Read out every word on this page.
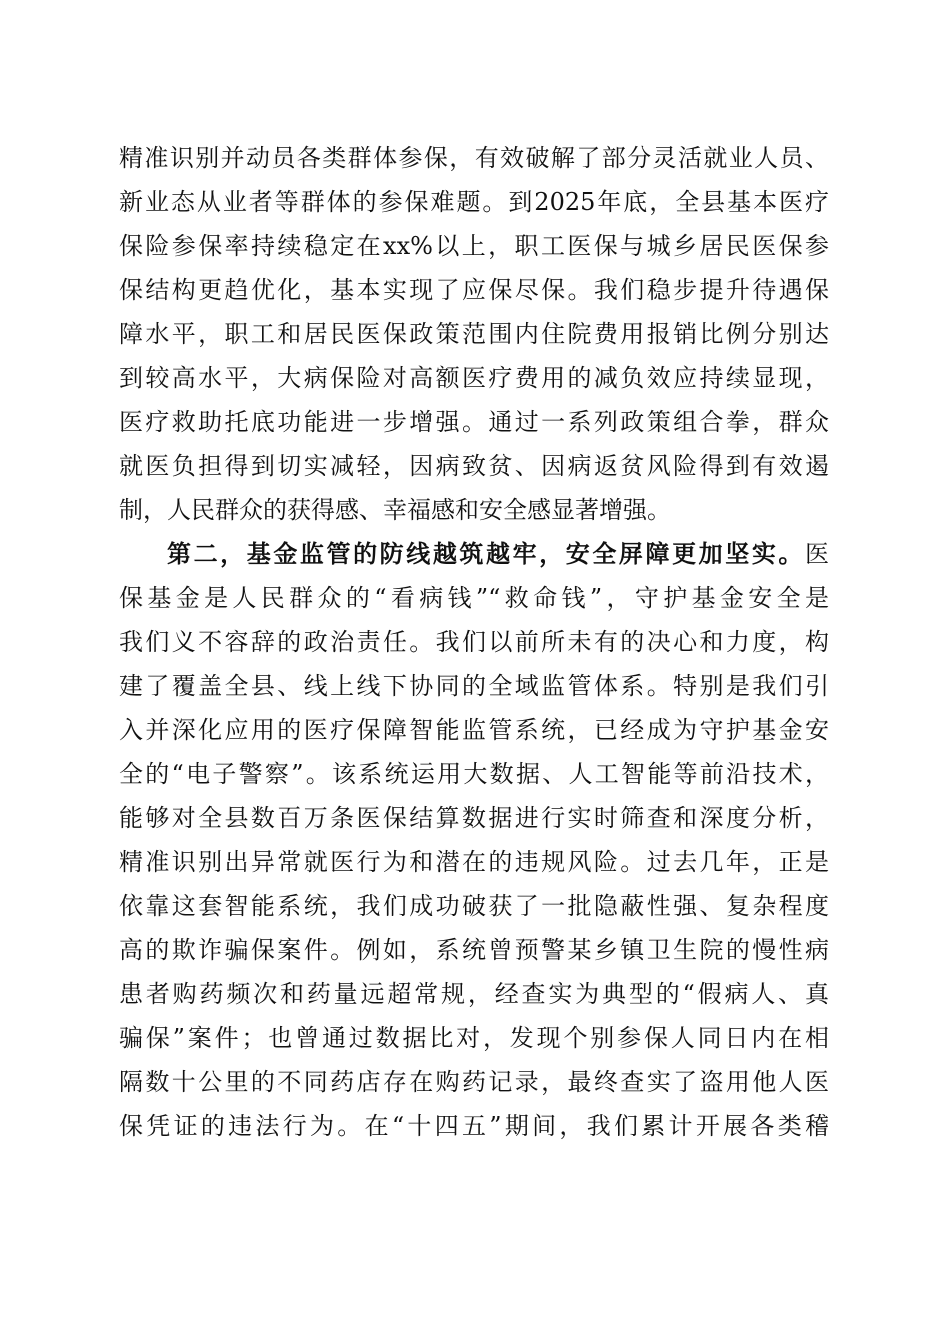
精准识别并动员各类群体参保，有效破解了部分灵活就业人员、
新业态从业者等群体的参保难题。到2025年底，全县基本医疗
保险参保率持续稳定在xx%以上，职工医保与城乡居民医保参
保结构更趋优化，基本实现了应保尽保。我们稳步提升待遇保
障水平，职工和居民医保政策范围内住院费用报销比例分别达
到较高水平，大病保险对高额医疗费用的减负效应持续显现，
医疗救助托底功能进一步增强。通过一系列政策组合拳，群众
就医负担得到切实减轻，因病致贫、因病返贫风险得到有效遏
制，人民群众的获得感、幸福感和安全感显著增强。
第二，基金监管的防线越筑越牢，安全屏障更加坚实。医
保基金是人民群众的“看病钱”“救命钱”，守护基金安全是
我们义不容辞的政治责任。我们以前所未有的决心和力度，构
建了覆盖全县、线上线下协同的全域监管体系。特别是我们引
入并深化应用的医疗保障智能监管系统，已经成为守护基金安
全的“电子警察”。该系统运用大数据、人工智能等前沿技术，
能够对全县数百万条医保结算数据进行实时筛查和深度分析，
精准识别出异常就医行为和潜在的违规风险。过去几年，正是
依靠这套智能系统，我们成功破获了一批隐蔽性强、复杂程度
高的欺诈骗保案件。例如，系统曾预警某乡镇卫生院的慢性病
患者购药频次和药量远超常规，经查实为典型的“假病人、真
骗保”案件；也曾通过数据比对，发现个别参保人同日内在相
隔数十公里的不同药店存在购药记录，最终查实了盗用他人医
保凭证的违法行为。在“十四五”期间，我们累计开展各类稽
